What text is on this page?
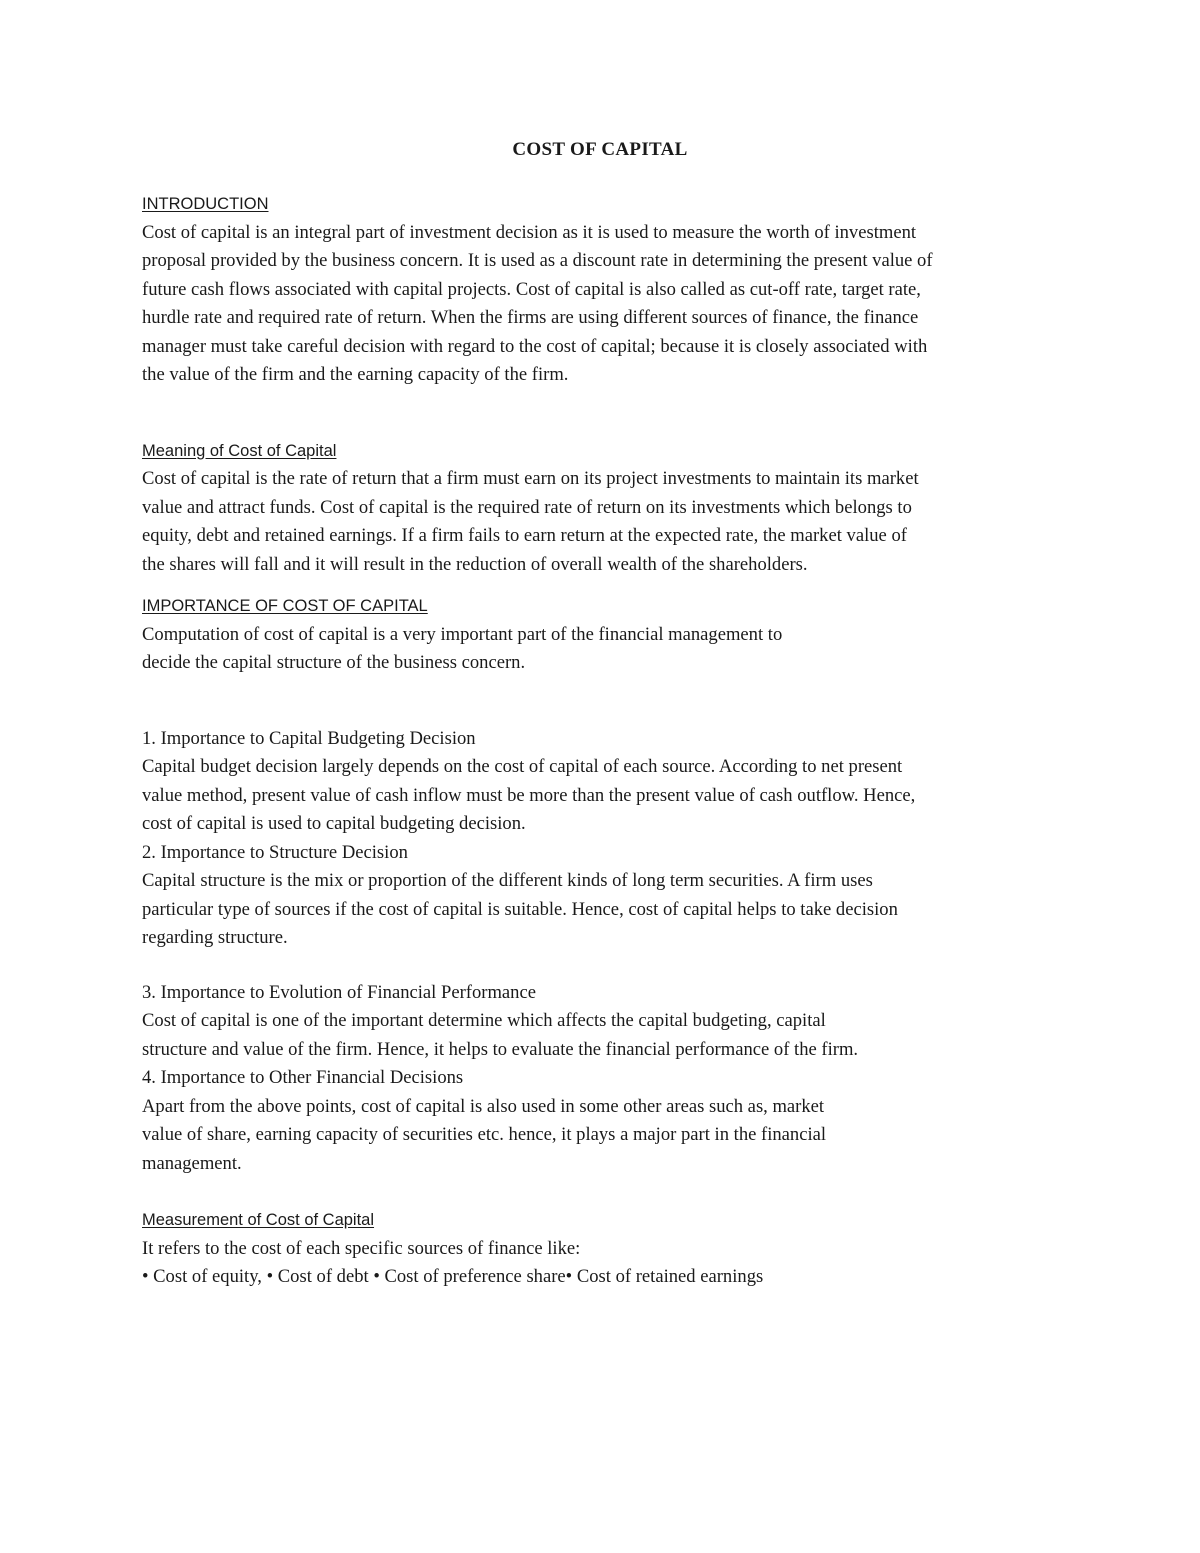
COST OF CAPITAL
INTRODUCTION

Cost of capital is an integral part of investment decision as it is used to measure the worth of investment
proposal provided by the business concern. It is used as a discount rate in determining the present value of
future cash flows associated with capital projects. Cost of capital is also called as cut-off rate, target rate,
hurdle rate and required rate of return. When the firms are using different sources of finance, the finance
manager must take careful decision with regard to the cost of capital; because it is closely associated with
the value of the firm and the earning capacity of the firm.

Meaning of Cost of Capital

Cost of capital is the rate of return that a firm must earn on its project investments to maintain its market
value and attract funds. Cost of capital is the required rate of return on its investments which belongs to
equity, debt and retained earnings. If a firm fails to earn return at the expected rate, the market value of
the shares will fall and it will result in the reduction of overall wealth of the shareholders.

IMPORTANCE OF COST OF CAPITAL

Computation of cost of capital is a very important part of the financial management to
decide the capital structure of the business concern.

1. Importance to Capital Budgeting Decision
Capital budget decision largely depends on the cost of capital of each source. According to net present
value method, present value of cash inflow must be more than the present value of cash outflow. Hence,
cost of capital is used to capital budgeting decision.
2. Importance to Structure Decision
Capital structure is the mix or proportion of the different kinds of long term securities. A firm uses
particular type of sources if the cost of capital is suitable. Hence, cost of capital helps to take decision
regarding structure.
3. Importance to Evolution of Financial Performance
Cost of capital is one of the important determine which affects the capital budgeting, capital
structure and value of the firm. Hence, it helps to evaluate the financial performance of the firm.
4. Importance to Other Financial Decisions
Apart from the above points, cost of capital is also used in some other areas such as, market
value of share, earning capacity of securities etc. hence, it plays a major part in the financial
management.
Measurement of Cost of Capital

It refers to the cost of each specific sources of finance like:
• Cost of equity, • Cost of debt • Cost of preference share• Cost of retained earnings
